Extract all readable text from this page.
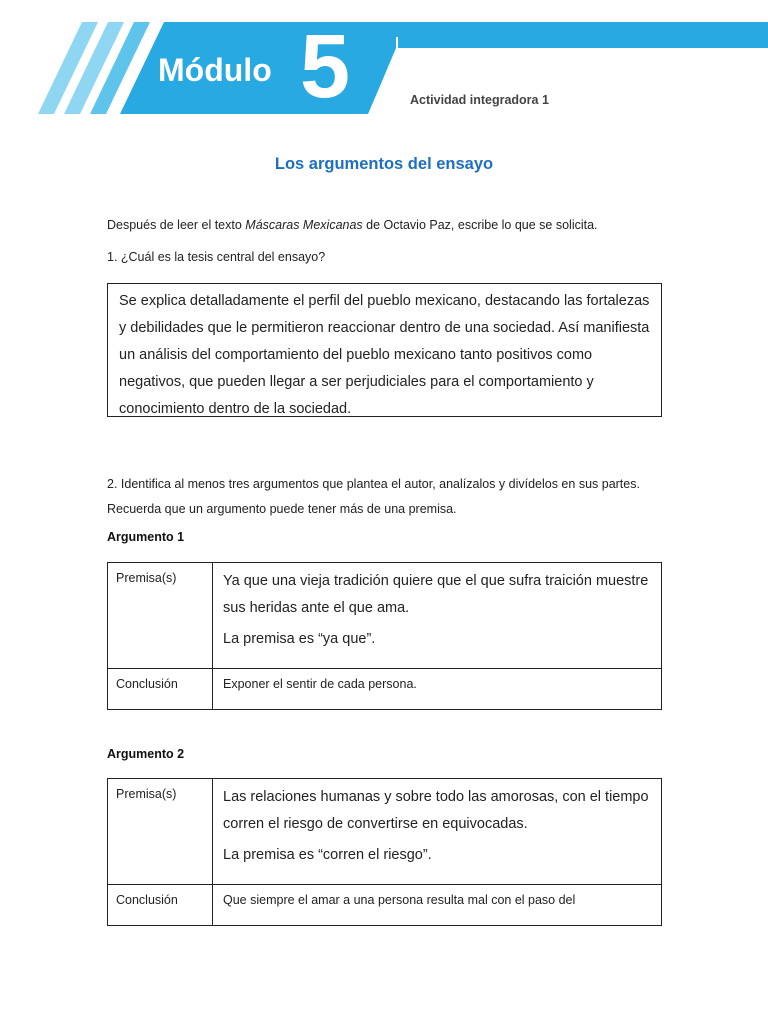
Módulo 5	Semana 1
Unidad I. Argumentos y textos argumentativos
Actividad integradora 1
Los argumentos del ensayo
Después de leer el texto Máscaras Mexicanas de Octavio Paz, escribe lo que se solicita.
1. ¿Cuál es la tesis central del ensayo?
Se explica detalladamente el perfil del pueblo mexicano, destacando las fortalezas y debilidades que le permitieron reaccionar dentro de una sociedad. Así manifiesta un análisis del comportamiento del pueblo mexicano tanto positivos como negativos, que pueden llegar a ser perjudiciales para el comportamiento y conocimiento dentro de la sociedad.
2. Identifica al menos tres argumentos que plantea el autor, analízalos y divídelos en sus partes. Recuerda que un argumento puede tener más de una premisa.
Argumento 1
Premisa(s)	Ya que una vieja tradición quiere que el que sufra traición muestre sus heridas ante el que ama.
La premisa es “ya que”.

Conclusión	Exponer el sentir de cada persona.
Argumento 2
Premisa(s)	Las relaciones humanas y sobre todo las amorosas, con el tiempo corren el riesgo de convertirse en equivocadas.
La premisa es “corren el riesgo”.

Conclusión	Que siempre el amar a una persona resulta mal con el paso del
